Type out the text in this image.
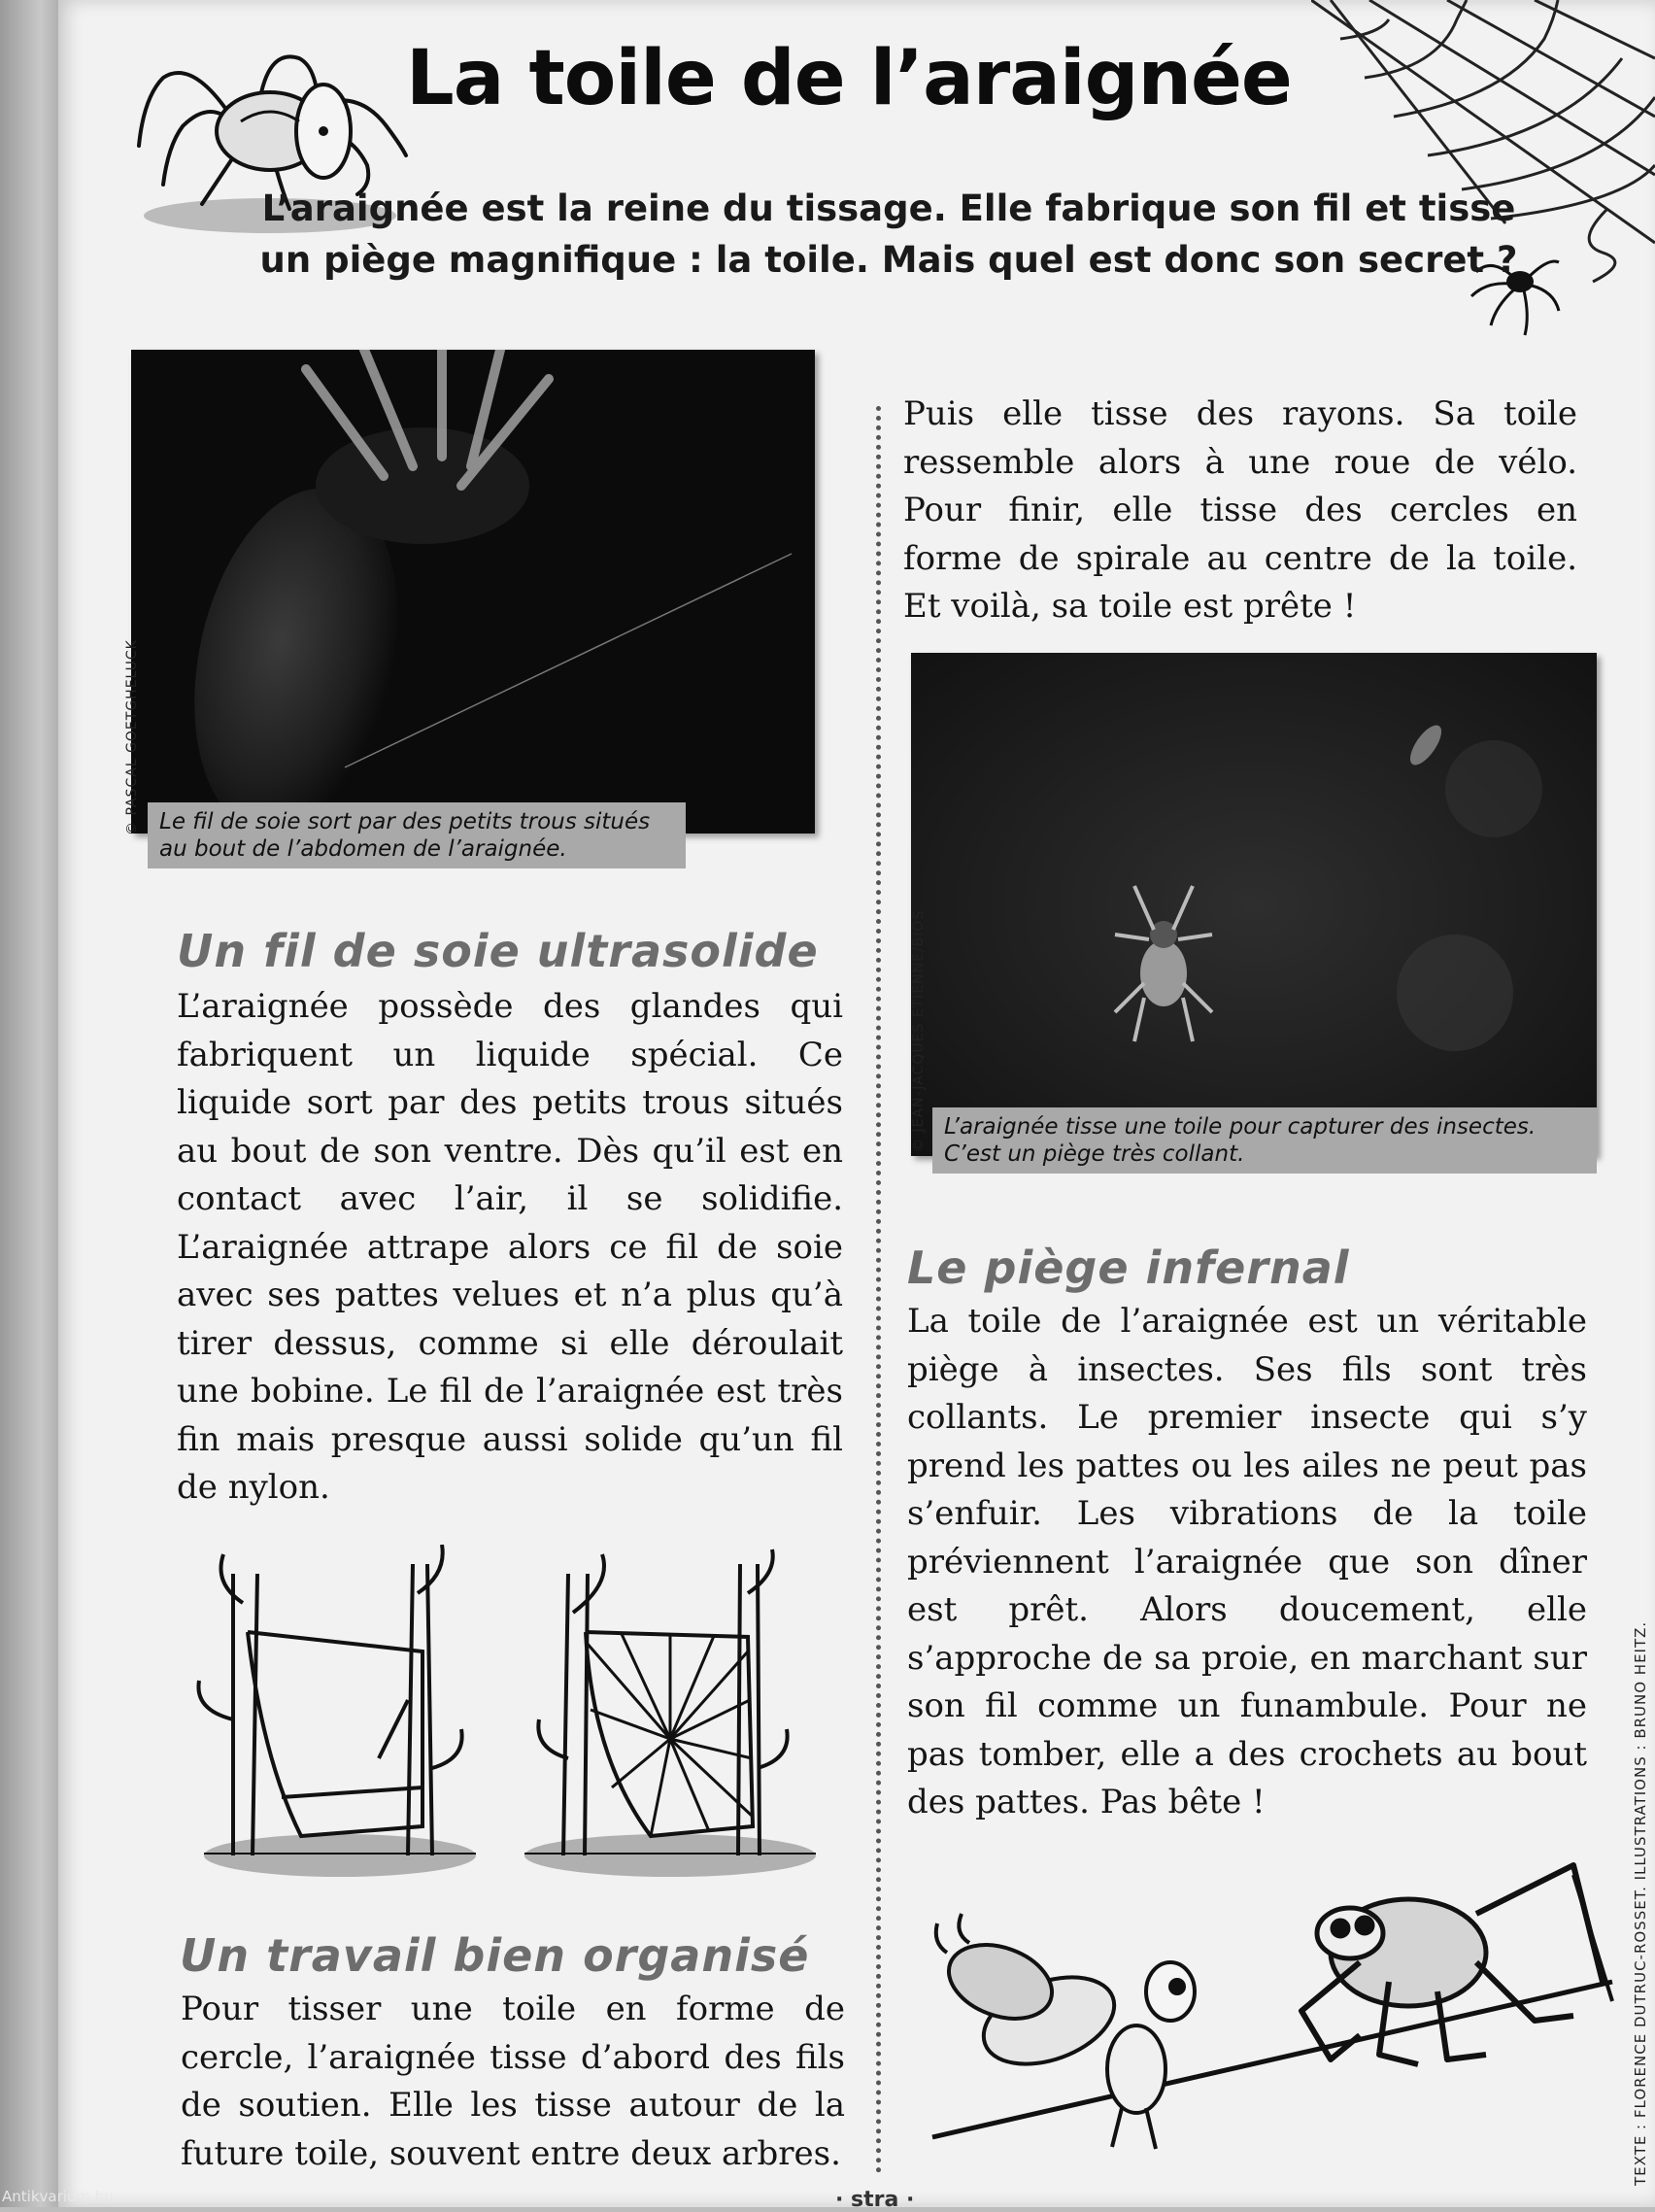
La toile de l’araignée

L’araignée est la reine du tissage. Elle fabrique son fil et tisse un piège magnifique : la toile. Mais quel est donc son secret ?

Le fil de soie sort par des petits trous situés au bout de l’abdomen de l’araignée.
© PASCAL GOETGHELUCK
Un fil de soie ultrasolide

L’araignée possède des glandes qui fabriquent un liquide spécial. Ce liquide sort par des petits trous situés au bout de son ventre. Dès qu’il est en contact avec l’air, il se solidifie. L’araignée attrape alors ce fil de soie avec ses pattes velues et n’a plus qu’à tirer dessus, comme si elle déroulait une bobine. Le fil de l’araignée est très fin mais presque aussi solide qu’un fil de nylon.

Un travail bien organisé

Pour tisser une toile en forme de cercle, l’araignée tisse d’abord des fils de soutien. Elle les tisse autour de la future toile, souvent entre deux arbres.

Puis elle tisse des rayons. Sa toile ressemble alors à une roue de vélo. Pour finir, elle tisse des cercles en forme de spirale au centre de la toile. Et voilà, sa toile est prête !

L’araignée tisse une toile pour capturer des insectes. C’est un piège très collant.
© JEAN-JACQUES ETIENNE/BIOS
Le piège infernal

La toile de l’araignée est un véritable piège à insectes. Ses fils sont très collants. Le premier insecte qui s’y prend les pattes ou les ailes ne peut pas s’enfuir. Les vibrations de la toile préviennent l’araignée que son dîner est prêt. Alors doucement, elle s’approche de sa proie, en marchant sur son fil comme un funambule. Pour ne pas tomber, elle a des crochets au bout des pattes. Pas bête !	TEXTE : FLORENCE DUTRUC-ROSSET. ILLUSTRATIONS : BRUNO HEITZ.
Antikvarium.hu	· stra ·
